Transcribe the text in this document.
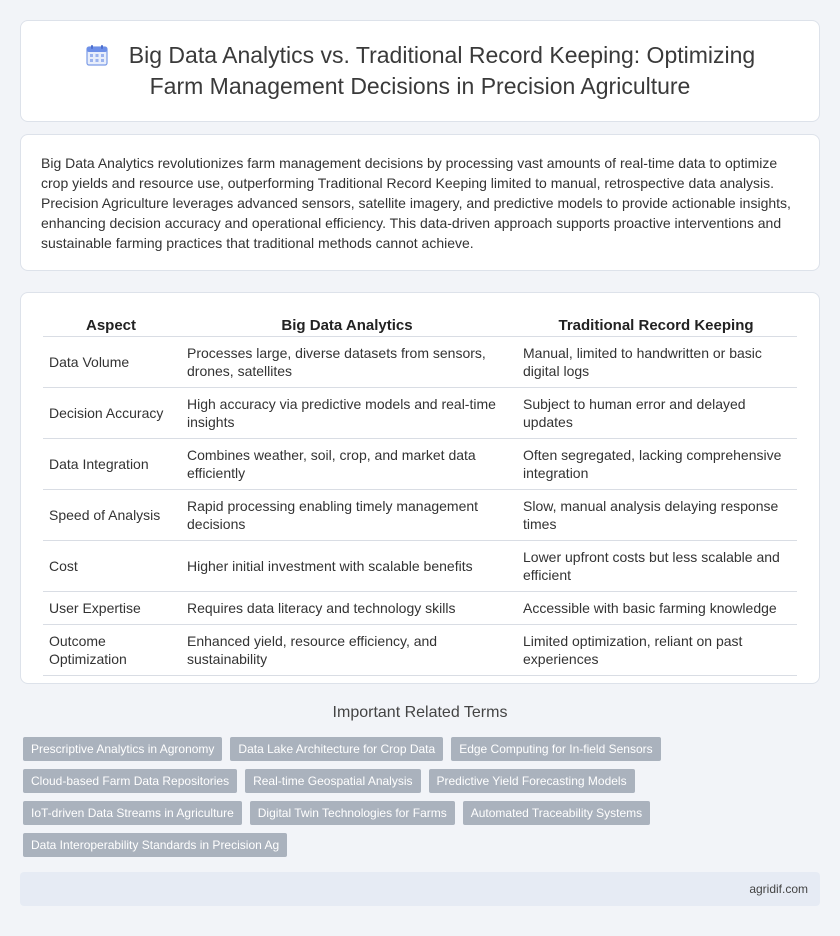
Big Data Analytics vs. Traditional Record Keeping: Optimizing Farm Management Decisions in Precision Agriculture

Big Data Analytics revolutionizes farm management decisions by processing vast amounts of real-time data to optimize crop yields and resource use, outperforming Traditional Record Keeping limited to manual, retrospective data analysis. Precision Agriculture leverages advanced sensors, satellite imagery, and predictive models to provide actionable insights, enhancing decision accuracy and operational efficiency. This data-driven approach supports proactive interventions and sustainable farming practices that traditional methods cannot achieve.

Aspect	Big Data Analytics	Traditional Record Keeping
Data Volume	Processes large, diverse datasets from sensors, drones, satellites	Manual, limited to handwritten or basic digital logs
Decision Accuracy	High accuracy via predictive models and real-time insights	Subject to human error and delayed updates
Data Integration	Combines weather, soil, crop, and market data efficiently	Often segregated, lacking comprehensive integration
Speed of Analysis	Rapid processing enabling timely management decisions	Slow, manual analysis delaying response times
Cost	Higher initial investment with scalable benefits	Lower upfront costs but less scalable and efficient
User Expertise	Requires data literacy and technology skills	Accessible with basic farming knowledge
Outcome Optimization	Enhanced yield, resource efficiency, and sustainability	Limited optimization, reliant on past experiences
Important Related Terms
Prescriptive Analytics in Agronomy	Data Lake Architecture for Crop Data	Edge Computing for In-field Sensors
Cloud-based Farm Data Repositories	Real-time Geospatial Analysis	Predictive Yield Forecasting Models
IoT-driven Data Streams in Agriculture	Digital Twin Technologies for Farms	Automated Traceability Systems
Data Interoperability Standards in Precision Ag
agridif.com
